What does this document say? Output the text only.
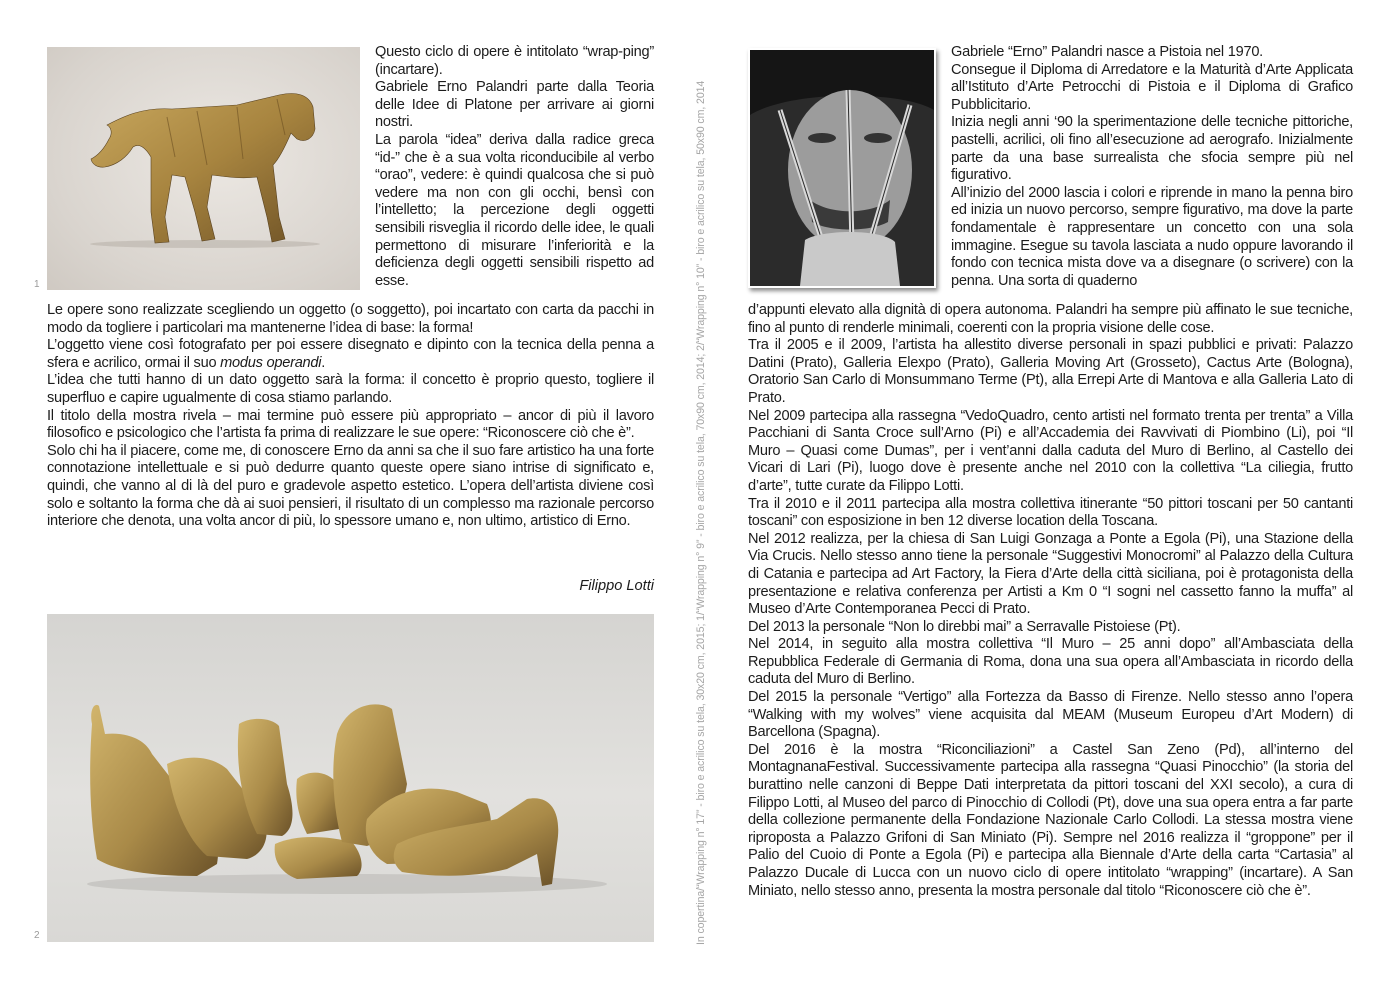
1

Questo ciclo di opere è intitolato “wrap-ping” (incartare).

Gabriele Erno Palandri parte dalla Teoria delle Idee di Platone per arrivare ai giorni nostri.

La parola “idea” deriva dalla radice greca “id-” che è a sua volta riconducibile al verbo “orao”, vedere: è quindi qualcosa che si può vedere ma non con gli occhi, bensì con l’intelletto; la percezione degli oggetti sensibili risveglia il ricordo delle idee, le quali permettono di misurare l’inferiorità e la deficienza degli oggetti sensibili rispetto ad esse.

Le opere sono realizzate scegliendo un oggetto (o soggetto), poi incartato con carta da pacchi in modo da togliere i particolari ma mantenerne l’idea di base: la forma!

L’oggetto viene così fotografato per poi essere disegnato e dipinto con la tecnica della penna a sfera e acrilico, ormai il suo modus operandi.

L’idea che tutti hanno di un dato oggetto sarà la forma: il concetto è proprio questo, togliere il superfluo e capire ugualmente di cosa stiamo parlando.

Il titolo della mostra rivela – mai termine può essere più appropriato – ancor di più il lavoro filosofico e psicologico che l’artista fa prima di realizzare le sue opere: “Riconoscere ciò che è”.

Solo chi ha il piacere, come me, di conoscere Erno da anni sa che il suo fare artistico ha una forte connotazione intellettuale e si può dedurre quanto queste opere siano intrise di significato e, quindi, che vanno al di là del puro e gradevole aspetto estetico. L’opera dell’artista diviene così solo e soltanto la forma che dà ai suoi pensieri, il risultato di un complesso ma razionale percorso interiore che denota, una volta ancor di più, lo spessore umano e, non ultimo, artistico di Erno.

Filippo Lotti
2	In copertina/“Wrapping n° 17” - biro e acrilico su tela, 30x20 cm, 2015; 1/“Wrapping n° 9” - biro e acrilico su tela, 70x90 cm, 2014; 2/“Wrapping n° 10” - biro e acrilico su tela, 50x90 cm, 2014

Gabriele “Erno” Palandri nasce a Pistoia nel 1970.

Consegue il Diploma di Arredatore e la Maturità d’Arte Applicata all’Istituto d’Arte Petrocchi di Pistoia e il Diploma di Grafico Pubblicitario.

Inizia negli anni ‘90 la sperimentazione delle tecniche pittoriche, pastelli, acrilici, oli fino all’esecuzione ad aerografo. Inizialmente parte da una base surrealista che sfocia sempre più nel figurativo.

All’inizio del 2000 lascia i colori e riprende in mano la penna biro ed inizia un nuovo percorso, sempre figurativo, ma dove la parte fondamentale è rappresentare un concetto con una sola immagine. Esegue su tavola lasciata a nudo oppure lavorando il fondo con tecnica mista dove va a disegnare (o scrivere) con la penna. Una sorta di quaderno

d’appunti elevato alla dignità di opera autonoma. Palandri ha sempre più affinato le sue tecniche, fino al punto di renderle minimali, coerenti con la propria visione delle cose.

Tra il 2005 e il 2009, l’artista ha allestito diverse personali in spazi pubblici e privati: Palazzo Datini (Prato), Galleria Elexpo (Prato), Galleria Moving Art (Grosseto), Cactus Arte (Bologna), Oratorio San Carlo di Monsummano Terme (Pt), alla Errepi Arte di Mantova e alla Galleria Lato di Prato.

Nel 2009 partecipa alla rassegna “VedoQuadro, cento artisti nel formato trenta per trenta” a Villa Pacchiani di Santa Croce sull’Arno (Pi) e all’Accademia dei Ravvivati di Piombino (Li), poi “Il Muro – Quasi come Dumas”, per i vent’anni dalla caduta del Muro di Berlino, al Castello dei Vicari di Lari (Pi), luogo dove è presente anche nel 2010 con la collettiva “La ciliegia, frutto d’arte”, tutte curate da Filippo Lotti.

Tra il 2010 e il 2011 partecipa alla mostra collettiva itinerante “50 pittori toscani per 50 cantanti toscani” con esposizione in ben 12 diverse location della Toscana.

Nel 2012 realizza, per la chiesa di San Luigi Gonzaga a Ponte a Egola (Pi), una Stazione della Via Crucis. Nello stesso anno tiene la personale “Suggestivi Monocromi” al Palazzo della Cultura di Catania e partecipa ad Art Factory, la Fiera d’Arte della città siciliana, poi è protagonista della presentazione e relativa conferenza per Artisti a Km 0 “I sogni nel cassetto fanno la muffa” al Museo d’Arte Contemporanea Pecci di Prato.

Del 2013 la personale “Non lo direbbi mai” a Serravalle Pistoiese (Pt).

Nel 2014, in seguito alla mostra collettiva “Il Muro – 25 anni dopo” all’Ambasciata della Repubblica Federale di Germania di Roma, dona una sua opera all’Ambasciata in ricordo della caduta del Muro di Berlino.

Del 2015 la personale “Vertigo” alla Fortezza da Basso di Firenze. Nello stesso anno l’opera “Walking with my wolves” viene acquisita dal MEAM (Museum Europeu d’Art Modern) di Barcellona (Spagna).

Del 2016 è la mostra “Riconciliazioni” a Castel San Zeno (Pd), all’interno del MontagnanaFestival. Successivamente partecipa alla rassegna “Quasi Pinocchio” (la storia del burattino nelle canzoni di Beppe Dati interpretata da pittori toscani del XXI secolo), a cura di Filippo Lotti, al Museo del parco di Pinocchio di Collodi (Pt), dove una sua opera entra a far parte della collezione permanente della Fondazione Nazionale Carlo Collodi. La stessa mostra viene riproposta a Palazzo Grifoni di San Miniato (Pi). Sempre nel 2016 realizza il “groppone” per il Palio del Cuoio di Ponte a Egola (Pi) e partecipa alla Biennale d’Arte della carta “Cartasia” al Palazzo Ducale di Lucca con un nuovo ciclo di opere intitolato “wrapping” (incartare). A San Miniato, nello stesso anno, presenta la mostra personale dal titolo “Riconoscere ciò che è”.
